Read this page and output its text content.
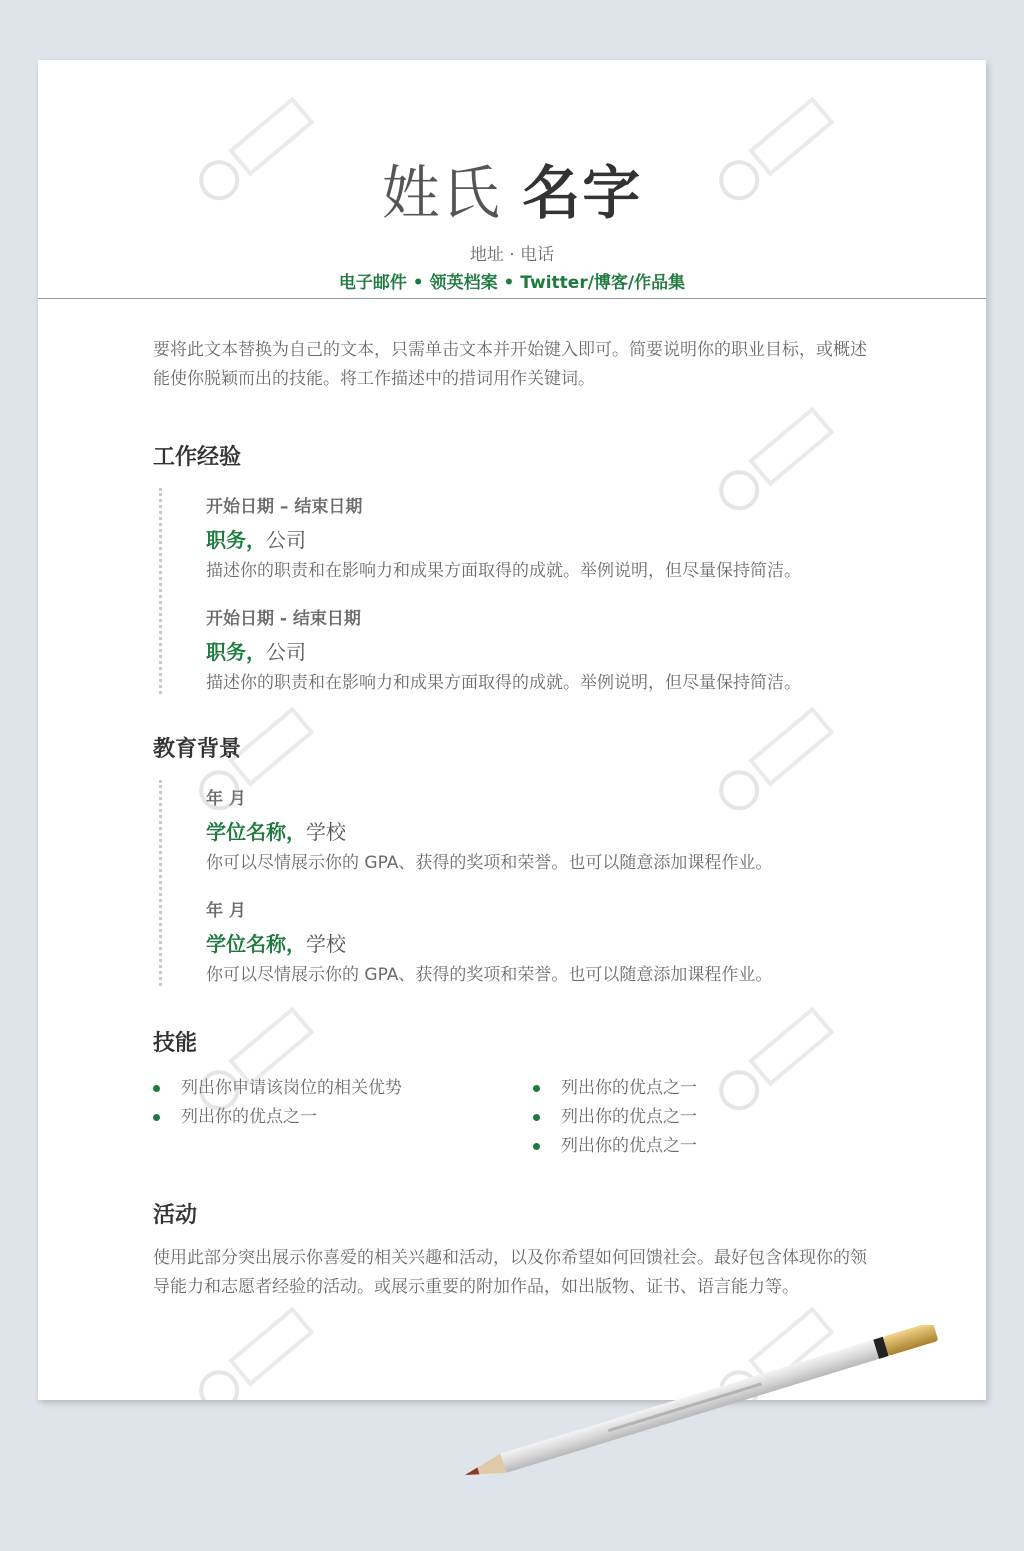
姓氏 名字
地址 · 电话
电子邮件 • 领英档案 • Twitter/博客/作品集
要将此文本替换为自己的文本，只需单击文本并开始键入即可。简要说明你的职业目标，或概述能使你脱颖而出的技能。将工作描述中的措词用作关键词。
工作经验
开始日期 – 结束日期
职务，公司
描述你的职责和在影响力和成果方面取得的成就。举例说明，但尽量保持简洁。
开始日期 - 结束日期
职务，公司
描述你的职责和在影响力和成果方面取得的成就。举例说明，但尽量保持简洁。
教育背景
年 月
学位名称，学校
你可以尽情展示你的 GPA、获得的奖项和荣誉。也可以随意添加课程作业。
年 月
学位名称，学校
你可以尽情展示你的 GPA、获得的奖项和荣誉。也可以随意添加课程作业。
技能
列出你申请该岗位的相关优势
列出你的优点之一
列出你的优点之一
列出你的优点之一
列出你的优点之一
活动
使用此部分突出展示你喜爱的相关兴趣和活动，以及你希望如何回馈社会。最好包含体现你的领导能力和志愿者经验的活动。或展示重要的附加作品，如出版物、证书、语言能力等。
